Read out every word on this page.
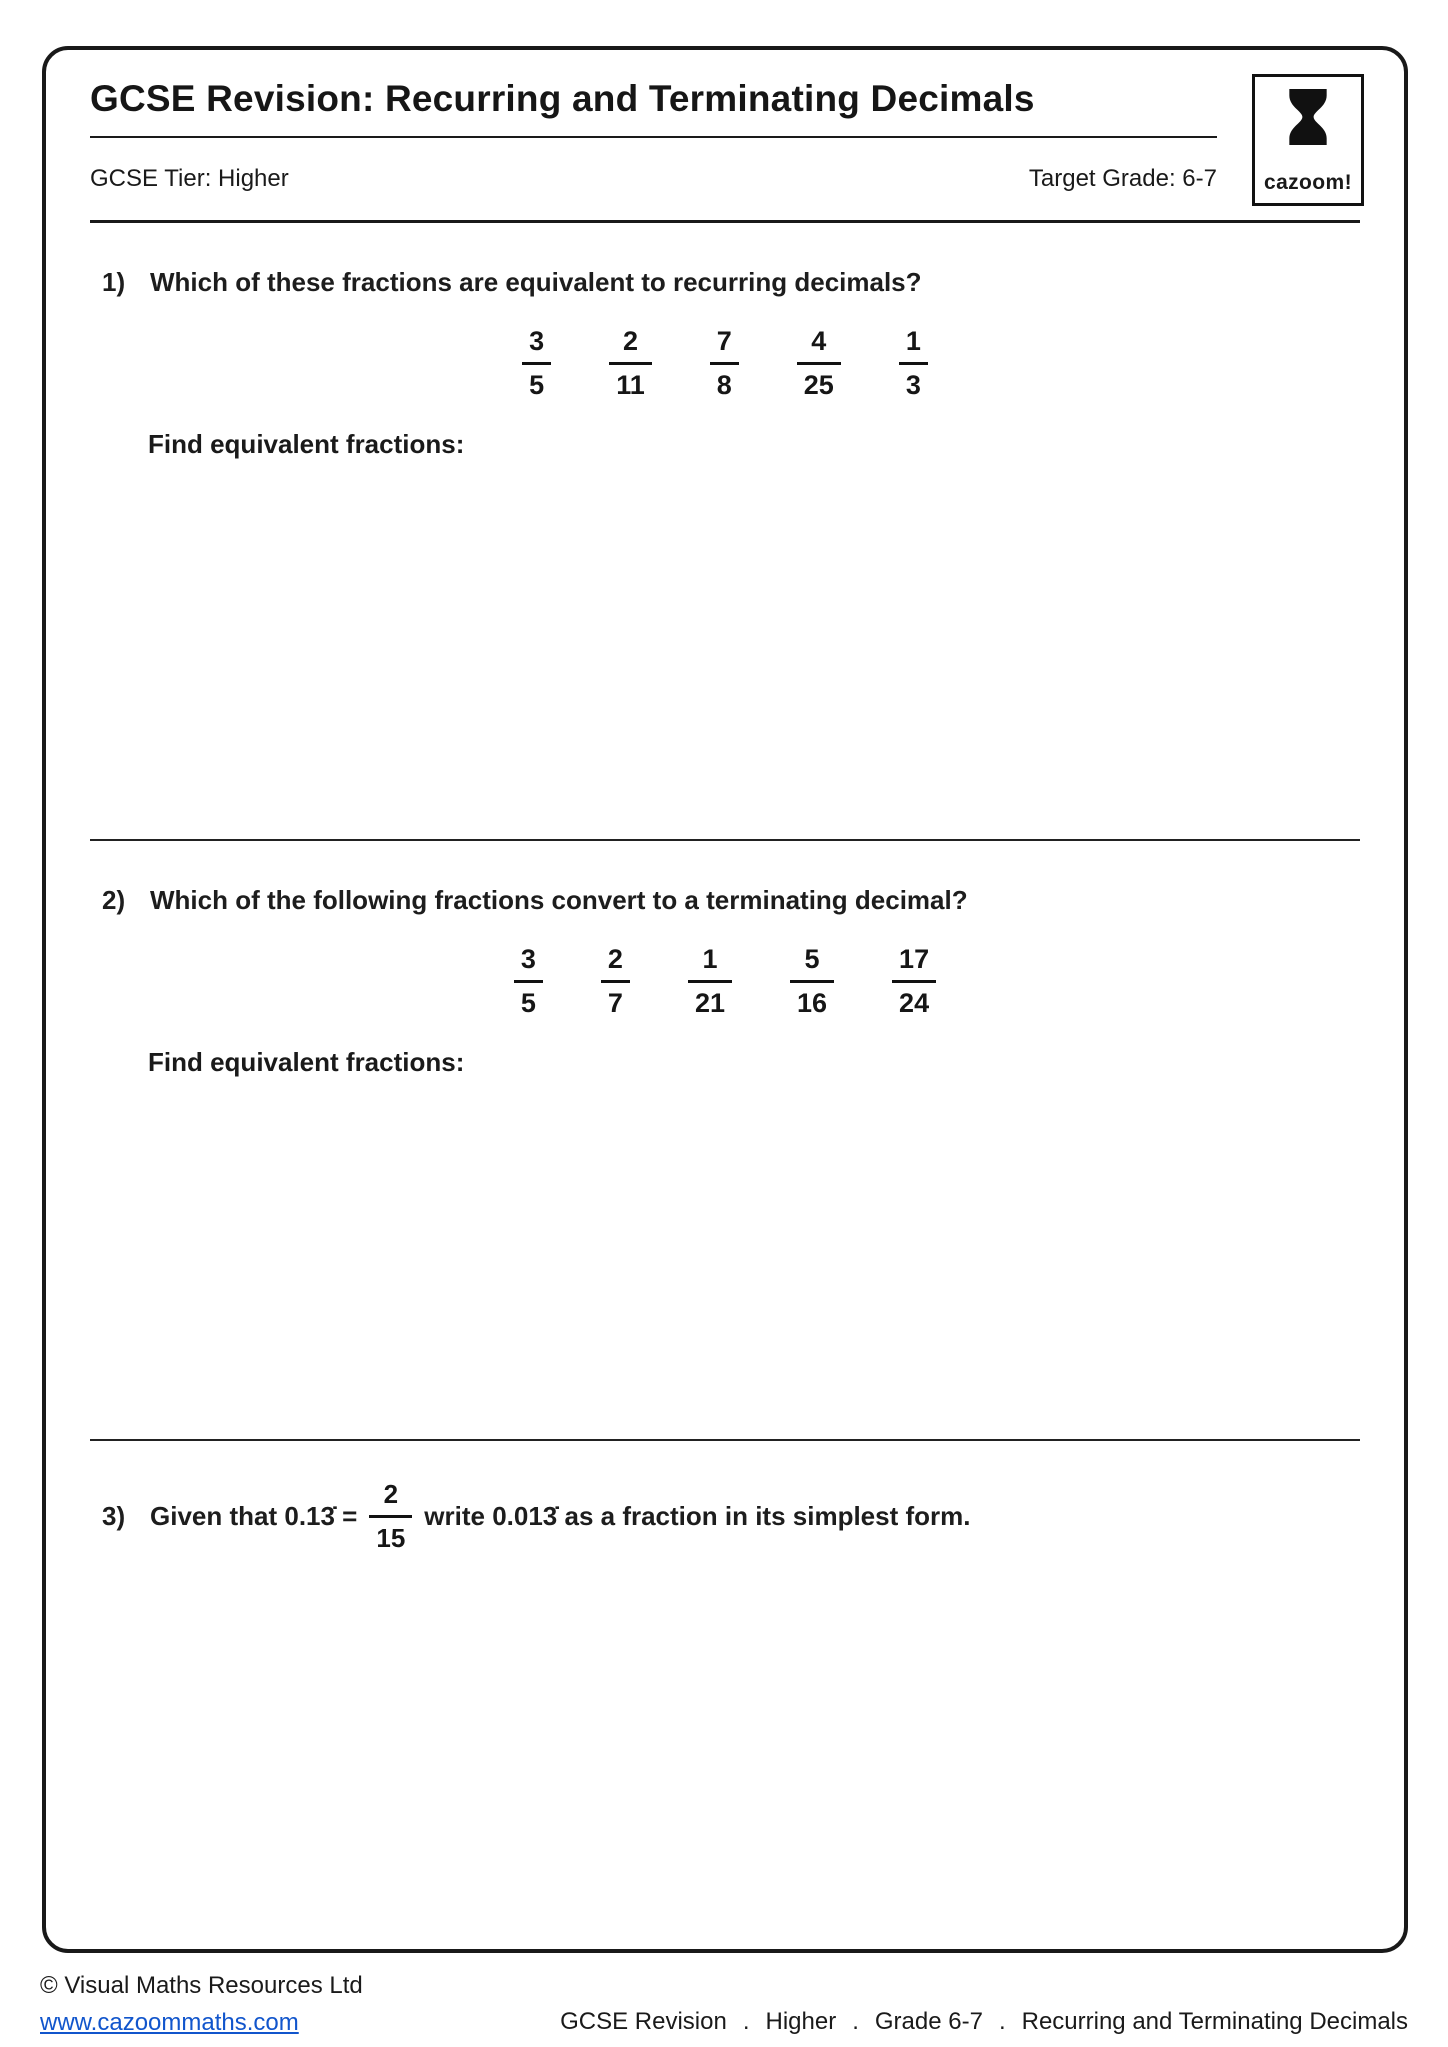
GCSE Revision: Recurring and Terminating Decimals
GCSE Tier: Higher	Target Grade: 6-7 cazoom!
1) Which of these fractions are equivalent to recurring decimals?
$\frac{3}{5} \frac{2}{11} \frac{7}{8} \frac{4}{25} \frac{1}{3}$
Find equivalent fractions:
2) Which of the following fractions convert to a terminating decimal?
$\frac{3}{5} \frac{2}{7} \frac{1}{21} \frac{5}{16} \frac{17}{24}$
Find equivalent fractions:
3) Given that 0.13̇ = $\frac{2}{15}$ write 0.013̇ as a fraction in its simplest form.
© Visual Maths Resources Ltd
www.cazoommaths.com	GCSE Revision . Higher . Grade 6-7 . Recurring and Terminating Decimals
